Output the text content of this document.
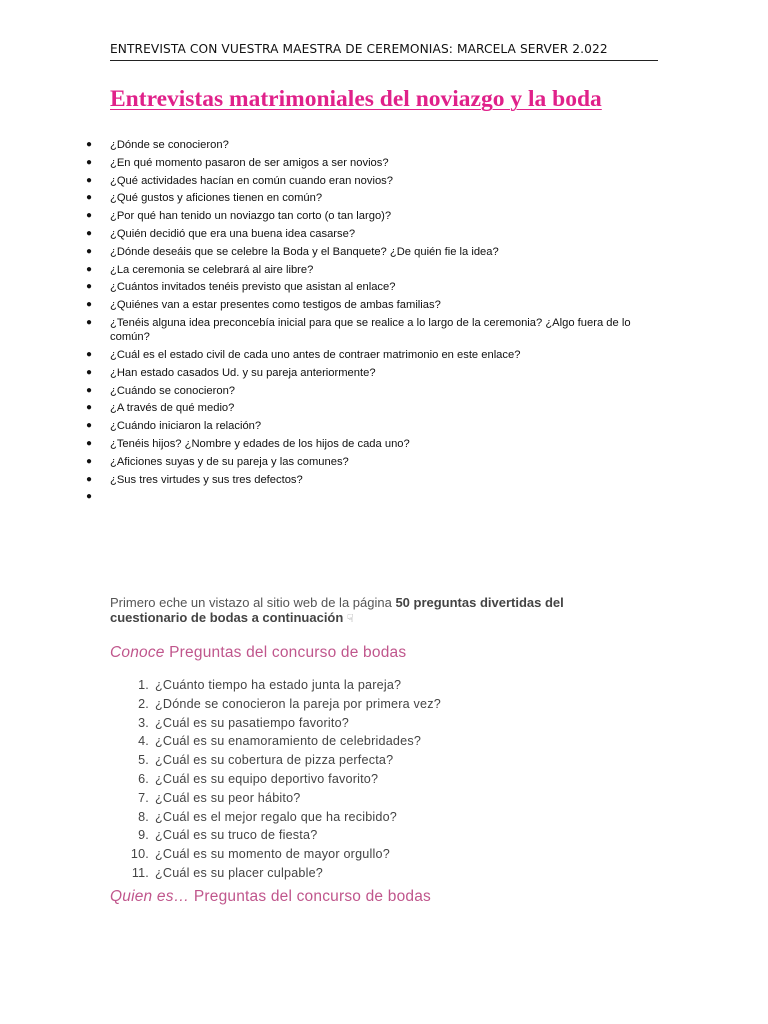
ENTREVISTA CON VUESTRA MAESTRA DE CEREMONIAS: MARCELA SERVER 2.022
Entrevistas matrimoniales del noviazgo y la boda
● ¿Dónde se conocieron?
● ¿En qué momento pasaron de ser amigos a ser novios?
● ¿Qué actividades hacían en común cuando eran novios?
● ¿Qué gustos y aficiones tienen en común?
● ¿Por qué han tenido un noviazgo tan corto (o tan largo)?
● ¿Quién decidió que era una buena idea casarse?
● ¿Dónde deseáis que se celebre la Boda y el Banquete? ¿De quién fie la idea?
● ¿La ceremonia se celebrará al aire libre?
● ¿Cuántos invitados tenéis previsto que asistan al enlace?
● ¿Quiénes van a estar presentes como testigos de ambas familias?
● ¿Tenéis alguna idea preconcebía inicial para que se realice a lo largo de la ceremonia? ¿Algo fuera de lo común?
● ¿Cuál es el estado civil de cada uno antes de contraer matrimonio en este enlace?
● ¿Han estado casados Ud. y su pareja anteriormente?
● ¿Cuándo se conocieron?
● ¿A través de qué medio?
● ¿Cuándo iniciaron la relación?
● ¿Tenéis hijos? ¿Nombre y edades de los hijos de cada uno?
● ¿Aficiones suyas y de su pareja y las comunes?
● ¿Sus tres virtudes y sus tres defectos?
●

Primero eche un vistazo al sitio web de la página 50 preguntas divertidas del cuestionario de bodas a continuación ☟

Conoce Preguntas del concurso de bodas
1. ¿Cuánto tiempo ha estado junta la pareja?
2. ¿Dónde se conocieron la pareja por primera vez?
3. ¿Cuál es su pasatiempo favorito?
4. ¿Cuál es su enamoramiento de celebridades?
5. ¿Cuál es su cobertura de pizza perfecta?
6. ¿Cuál es su equipo deportivo favorito?
7. ¿Cuál es su peor hábito?
8. ¿Cuál es el mejor regalo que ha recibido?
9. ¿Cuál es su truco de fiesta?
10. ¿Cuál es su momento de mayor orgullo?
11. ¿Cuál es su placer culpable?
Quien es… Preguntas del concurso de bodas
